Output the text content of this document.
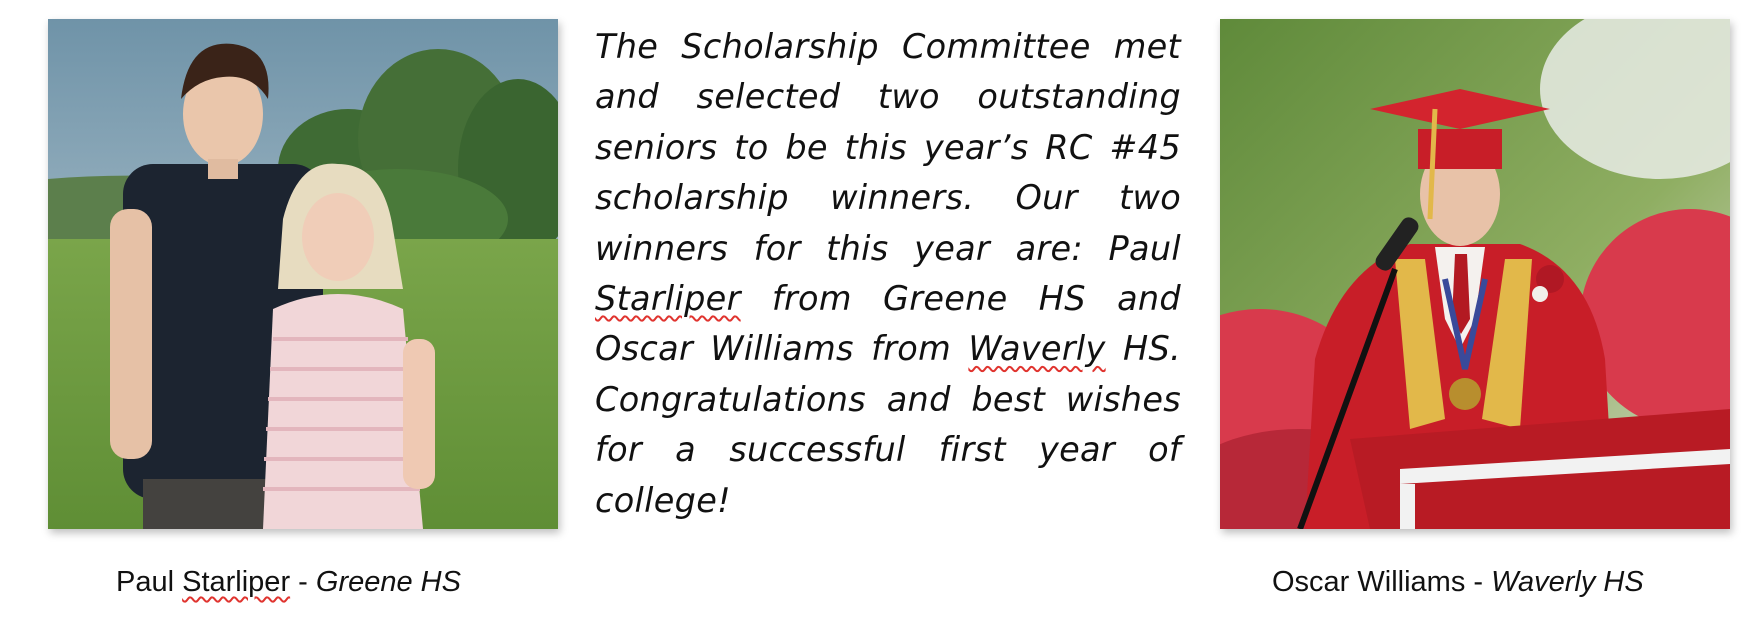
The Scholarship Committee met and selected two outstanding seniors to be this year’s RC #45 scholarship winners. Our two winners for this year are: Paul Starliper from Greene HS and Oscar Williams from Waverly HS. Congratulations and best wishes for a successful first year of college!
Paul Starliper - Greene HS	Oscar Williams - Waverly HS
